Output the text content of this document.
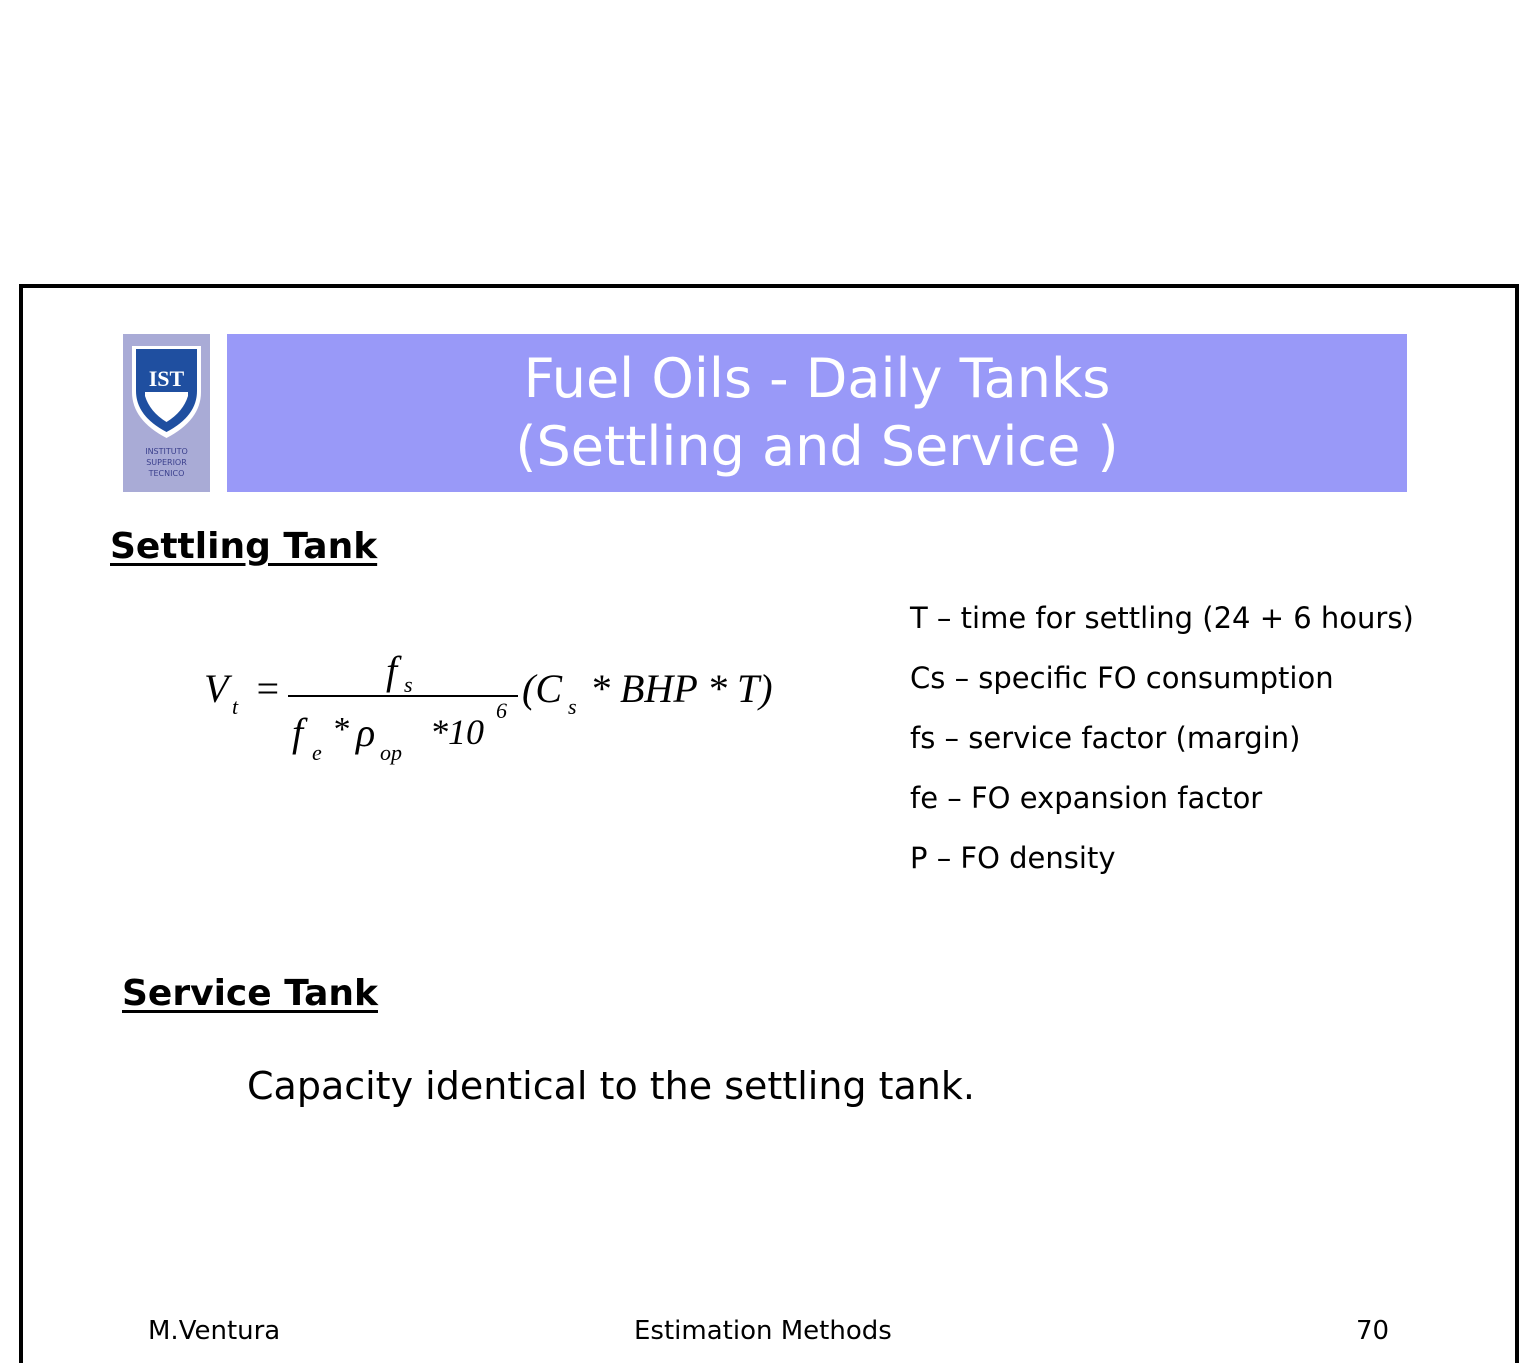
IST
INSTITUTO
SUPERIOR
TECNICO
Fuel Oils - Daily Tanks
(Settling and Service )
Settling Tank
V t =	f s
f e
* ρ op
*10
6 (C s * BHP * T)
T – time for settling (24 + 6 hours)
Cs – specific FO consumption
fs – service factor (margin)
fe – FO expansion factor
P – FO density
Service Tank
Capacity identical to the settling tank.
M.Ventura	Estimation Methods	70
